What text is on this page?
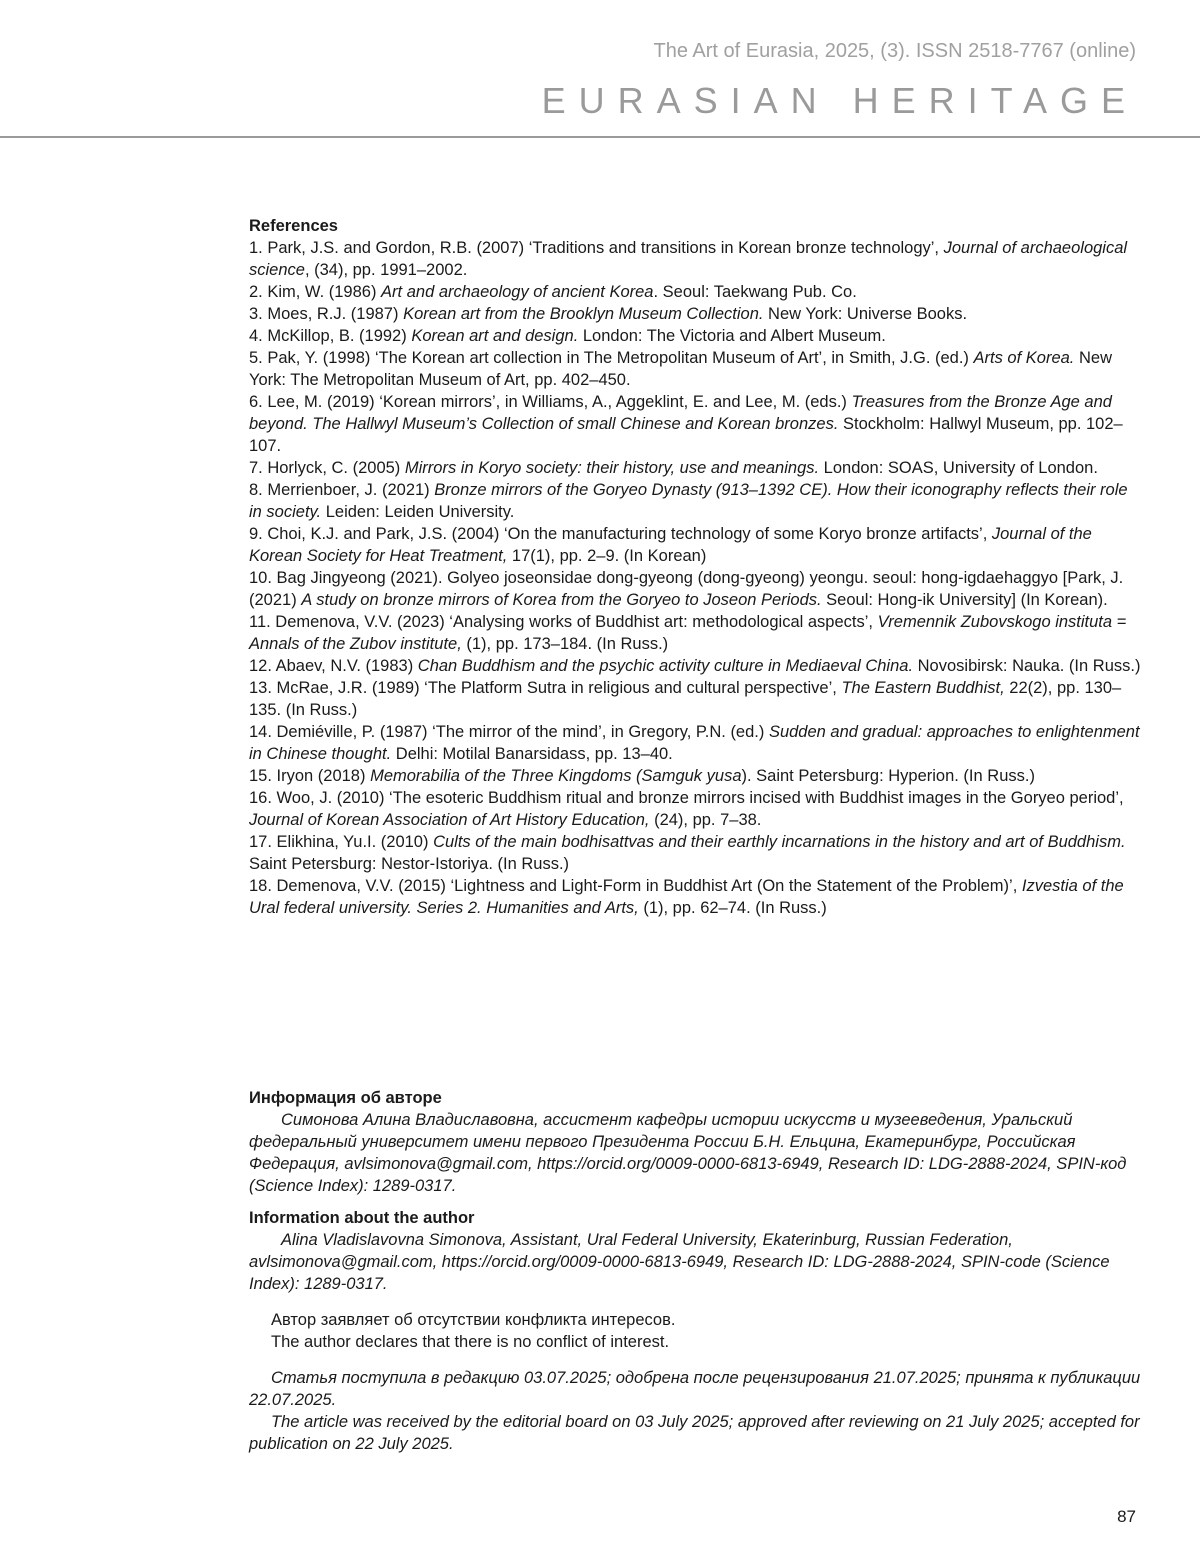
The Art of Eurasia, 2025, (3). ISSN 2518-7767 (online)
EURASIAN HERITAGE
References
1. Park, J.S. and Gordon, R.B. (2007) ‘Traditions and transitions in Korean bronze technology’, Journal of archaeological science, (34), pp. 1991–2002.
2. Kim, W. (1986) Art and archaeology of ancient Korea. Seoul: Taekwang Pub. Co.
3. Moes, R.J. (1987) Korean art from the Brooklyn Museum Collection. New York: Universe Books.
4. McKillop, B. (1992) Korean art and design. London: The Victoria and Albert Museum.
5. Pak, Y. (1998) ‘The Korean art collection in The Metropolitan Museum of Art’, in Smith, J.G. (ed.) Arts of Korea. New York: The Metropolitan Museum of Art, pp. 402–450.
6. Lee, M. (2019) ‘Korean mirrors’, in Williams, A., Aggeklint, E. and Lee, M. (eds.) Treasures from the Bronze Age and beyond. The Hallwyl Museum’s Collection of small Chinese and Korean bronzes. Stockholm: Hallwyl Museum, pp. 102–107.
7. Horlyck, C. (2005) Mirrors in Koryo society: their history, use and meanings. London: SOAS, University of London.
8. Merrienboer, J. (2021) Bronze mirrors of the Goryeo Dynasty (913–1392 CE). How their iconography reflects their role in society. Leiden: Leiden University.
9. Choi, K.J. and Park, J.S. (2004) ‘On the manufacturing technology of some Koryo bronze artifacts’, Journal of the Korean Society for Heat Treatment, 17(1), pp. 2–9. (In Korean)
10. Bag Jingyeong (2021). Golyeo joseonsidae dong-gyeong (dong-gyeong) yeongu. seoul: hong-igdaehaggyo [Park, J. (2021) A study on bronze mirrors of Korea from the Goryeo to Joseon Periods. Seoul: Hong-ik University] (In Korean).
11. Demenova, V.V. (2023) ‘Analysing works of Buddhist art: methodological aspects’, Vremennik Zubovskogo instituta = Annals of the Zubov institute, (1), pp. 173–184. (In Russ.)
12. Abaev, N.V. (1983) Chan Buddhism and the psychic activity culture in Mediaeval China. Novosibirsk: Nauka. (In Russ.)
13. McRae, J.R. (1989) ‘The Platform Sutra in religious and cultural perspective’, The Eastern Buddhist, 22(2), pp. 130–135. (In Russ.)
14. Demiéville, P. (1987) ‘The mirror of the mind’, in Gregory, P.N. (ed.) Sudden and gradual: approaches to enlightenment in Chinese thought. Delhi: Motilal Banarsidass, pp. 13–40.
15. Iryon (2018) Memorabilia of the Three Kingdoms (Samguk yusa). Saint Petersburg: Hyperion. (In Russ.)
16. Woo, J. (2010) ‘The esoteric Buddhism ritual and bronze mirrors incised with Buddhist images in the Goryeo period’, Journal of Korean Association of Art History Education, (24), pp. 7–38.
17. Elikhina, Yu.I. (2010) Cults of the main bodhisattvas and their earthly incarnations in the history and art of Buddhism. Saint Petersburg: Nestor-Istoriya. (In Russ.)
18. Demenova, V.V. (2015) ‘Lightness and Light-Form in Buddhist Art (On the Statement of the Problem)’, Izvestia of the Ural federal university. Series 2. Humanities and Arts, (1), pp. 62–74. (In Russ.)
Информация об авторе
Симонова Алина Владиславовна, ассистент кафедры истории искусств и музееведения, Уральский федеральный университет имени первого Президента России Б.Н. Ельцина, Екатеринбург, Российская Федерация, avlsimonova@gmail.com, https://orcid.org/0009-0000-6813-6949, Research ID: LDG-2888-2024, SPIN-код (Science Index): 1289-0317.
Information about the author
Alina Vladislavovna Simonova, Assistant, Ural Federal University, Ekaterinburg, Russian Federation, avlsimonova@gmail.com, https://orcid.org/0009-0000-6813-6949, Research ID: LDG-2888-2024, SPIN-code (Science Index): 1289-0317.
Автор заявляет об отсутствии конфликта интересов.
The author declares that there is no conflict of interest.
Статья поступила в редакцию 03.07.2025; одобрена после рецензирования 21.07.2025; принята к публикации 22.07.2025.
The article was received by the editorial board on 03 July 2025; approved after reviewing on 21 July 2025; accepted for publication on 22 July 2025.
87
